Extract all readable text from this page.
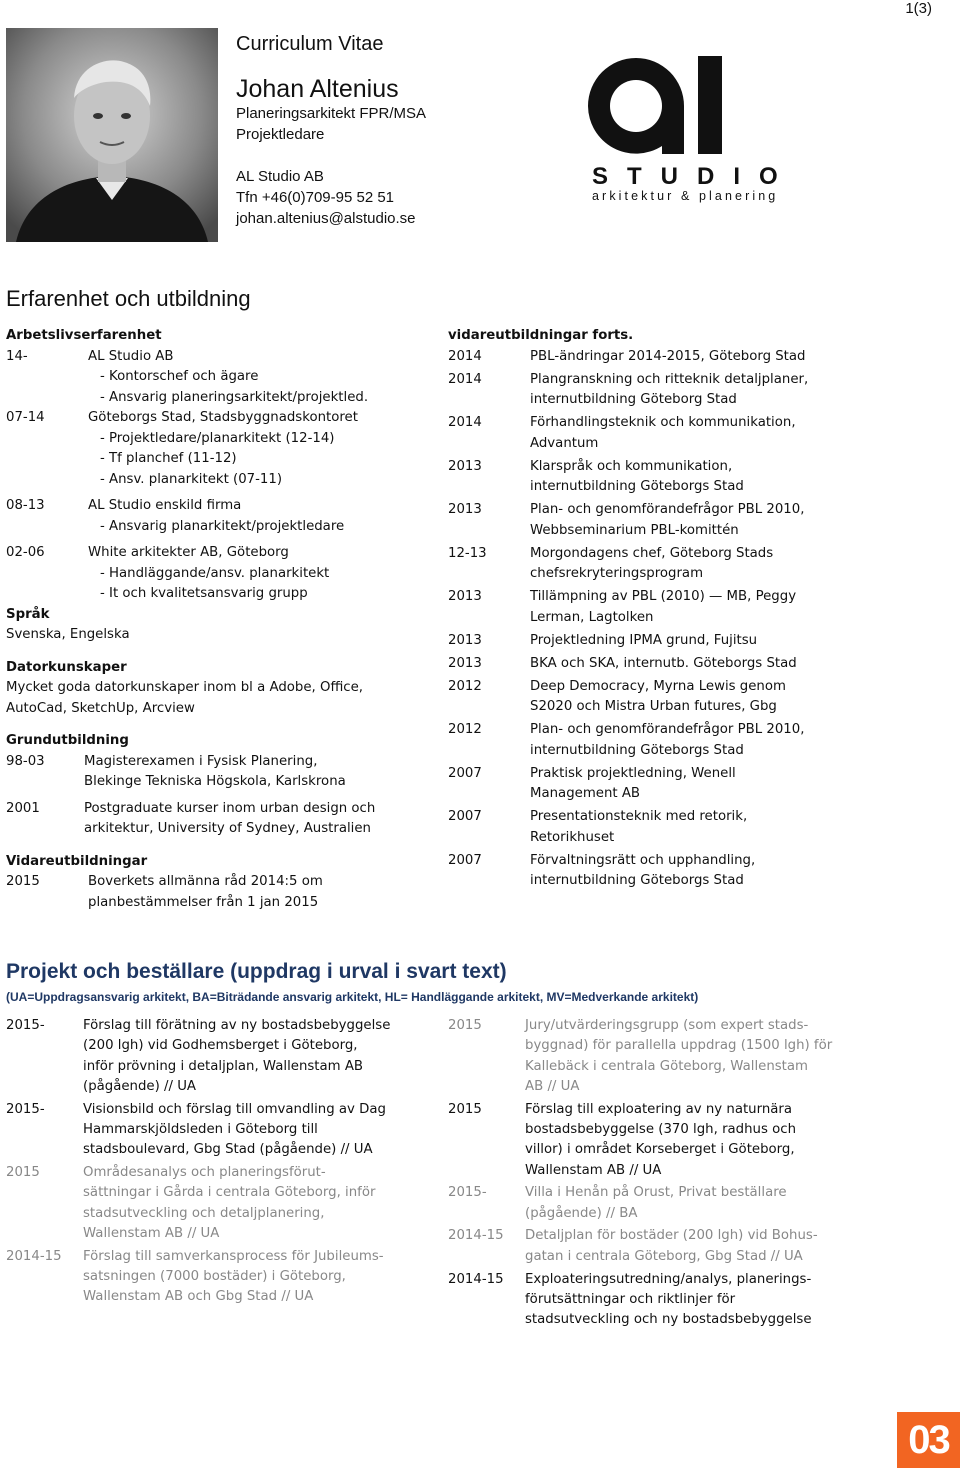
1(3)
Curriculum Vitae
Johan Altenius
Planeringsarkitekt FPR/MSA
Projektledare
AL Studio AB
Tfn +46(0)709-95 52 51
johan.altenius@alstudio.se
STUDIO
arkitektur & planering
Erfarenhet och utbildning
Arbetslivserfarenhet
14-	AL Studio AB
- Kontorschef och ägare
- Ansvarig planeringsarkitekt/projektled.
07-14	Göteborgs Stad, Stadsbyggnadskontoret
- Projektledare/planarkitekt (12-14)
- Tf planchef (11-12)
- Ansv. planarkitekt (07-11)
08-13	AL Studio enskild firma
- Ansvarig planarkitekt/projektledare
02-06	White arkitekter AB, Göteborg
- Handläggande/ansv. planarkitekt
- It och kvalitetsansvarig grupp
Språk
Svenska, Engelska
Datorkunskaper
Mycket goda datorkunskaper inom bl a Adobe, Office,
AutoCad, SketchUp, Arcview
Grundutbildning
98-03	Magisterexamen i Fysisk Planering,
Blekinge Tekniska Högskola, Karlskrona
2001	Postgraduate kurser inom urban design och
arkitektur, University of Sydney, Australien
Vidareutbildningar
2015	Boverkets allmänna råd 2014:5 om
planbestämmelser från 1 jan 2015
vidareutbildningar forts.
2014	PBL-ändringar 2014-2015, Göteborg Stad
2014	Plangranskning och ritteknik detaljplaner,
internutbildning Göteborg Stad
2014	Förhandlingsteknik och kommunikation,
Advantum
2013	Klarspråk och kommunikation,
internutbildning Göteborgs Stad
2013	Plan- och genomförandefrågor PBL 2010,
Webbseminarium PBL-komittén
12-13	Morgondagens chef, Göteborg Stads
chefsrekryteringsprogram
2013	Tillämpning av PBL (2010) — MB, Peggy
Lerman, Lagtolken
2013	Projektledning IPMA grund, Fujitsu
2013	BKA och SKA, internutb. Göteborgs Stad
2012	Deep Democracy, Myrna Lewis genom
S2020 och Mistra Urban futures, Gbg
2012	Plan- och genomförandefrågor PBL 2010,
internutbildning Göteborgs Stad
2007	Praktisk projektledning, Wenell
Management AB
2007	Presentationsteknik med retorik,
Retorikhuset
2007	Förvaltningsrätt och upphandling,
internutbildning Göteborgs Stad
Projekt och beställare (uppdrag i urval i svart text)
(UA=Uppdragsansvarig arkitekt, BA=Biträdande ansvarig arkitekt, HL= Handläggande arkitekt, MV=Medverkande arkitekt)
2015-	Förslag till förätning av ny bostadsbebyggelse
(200 lgh) vid Godhemsberget i Göteborg,
inför prövning i detaljplan, Wallenstam AB
(pågående) // UA
2015-	Visionsbild och förslag till omvandling av Dag
Hammarskjöldsleden i Göteborg till
stadsboulevard, Gbg Stad (pågående) // UA
2015	Områdesanalys och planeringsförut-
sättningar i Gårda i centrala Göteborg, inför
stadsutveckling och detaljplanering,
Wallenstam AB // UA
2014-15	Förslag till samverkansprocess för Jubileums-
satsningen (7000 bostäder) i Göteborg,
Wallenstam AB och Gbg Stad // UA
2015	Jury/utvärderingsgrupp (som expert stads-
byggnad) för parallella uppdrag (1500 lgh) för
Kallebäck i centrala Göteborg, Wallenstam
AB // UA
2015	Förslag till exploatering av ny naturnära
bostadsbebyggelse (370 lgh, radhus och
villor) i området Korseberget i Göteborg,
Wallenstam AB // UA
2015-	Villa i Henån på Orust, Privat beställare
(pågående) // BA
2014-15	Detaljplan för bostäder (200 lgh) vid Bohus-
gatan i centrala Göteborg, Gbg Stad // UA
2014-15	Exploateringsutredning/analys, planerings-
förutsättningar och riktlinjer för
stadsutveckling och ny bostadsbebyggelse
03
